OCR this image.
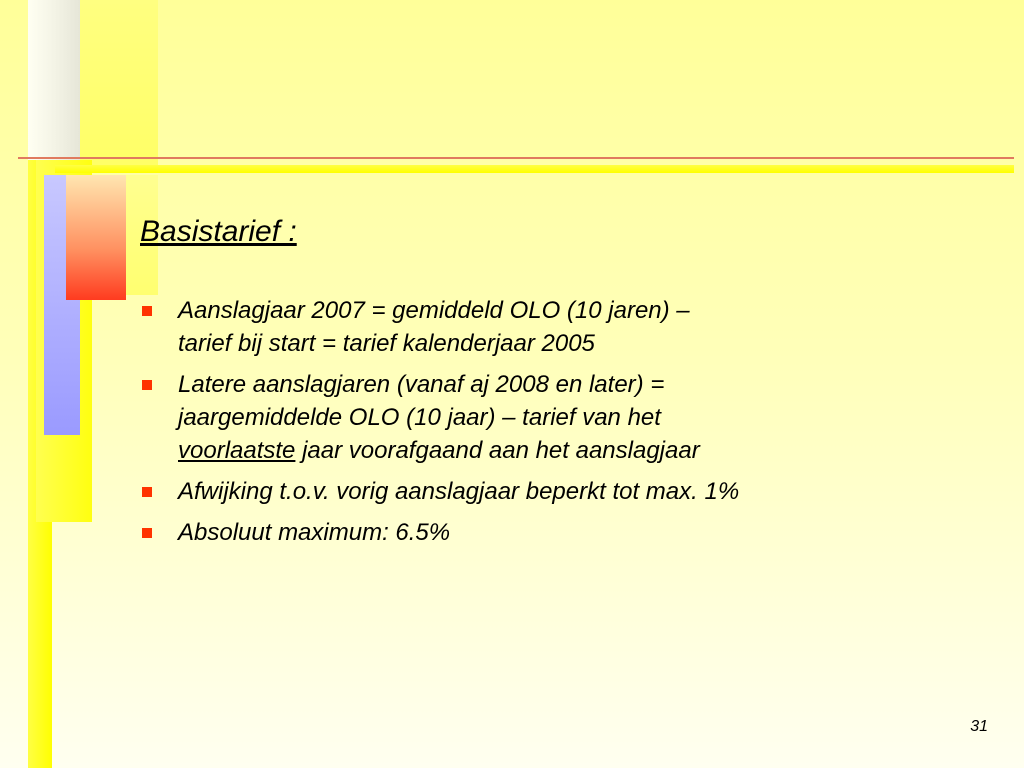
Basistarief :
Aanslagjaar 2007 = gemiddeld OLO (10 jaren) –
tarief bij start = tarief kalenderjaar 2005
Latere aanslagjaren (vanaf aj 2008 en later) =
jaargemiddelde OLO (10 jaar) – tarief van het
voorlaatste jaar voorafgaand aan het aanslagjaar
Afwijking t.o.v. vorig aanslagjaar beperkt tot max. 1%
Absoluut maximum: 6.5%
31
